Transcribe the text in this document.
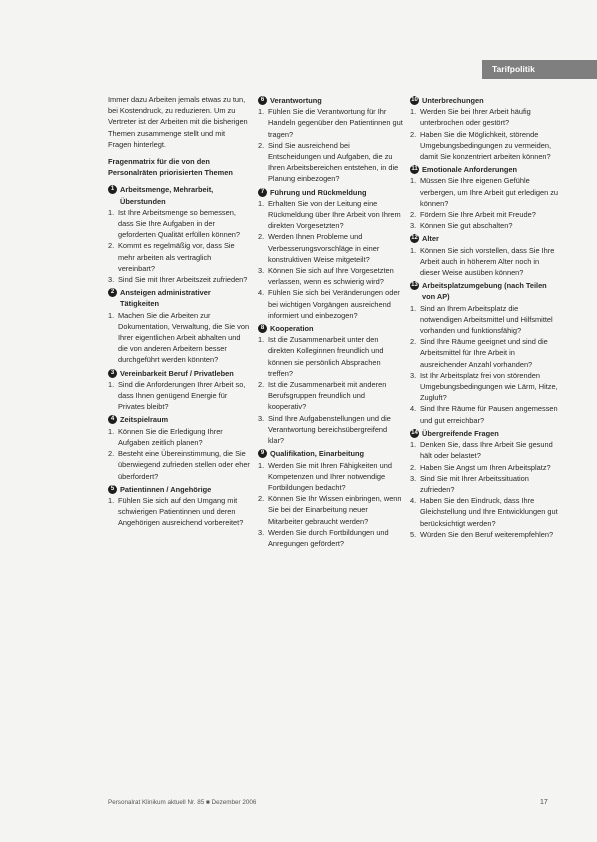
Tarifpolitik

Immer dazu Arbeiten jemals etwas zu tun, bei Kostendruck, zu reduzieren. Um zu Vertreter ist der Arbeiten mit die bisherigen Themen zusammenge stellt und mit Fragen hinterlegt.

Fragenmatrix für die von den Personalräten priorisierten Themen

1 Arbeitsmenge, Mehrarbeit, Überstunden
1. Ist Ihre Arbeitsmenge so bemessen, dass Sie Ihre Aufgaben in der geforderten Qualität erfüllen können?
2. Kommt es regelmäßig vor, dass Sie mehr arbeiten als vertraglich vereinbart?
3. Sind Sie mit Ihrer Arbeitszeit zufrieden?
2 Ansteigen administrativer Tätigkeiten
1. Machen Sie die Arbeiten zur Dokumentation, Verwaltung, die Sie von Ihrer eigentlichen Arbeit abhalten und die von anderen Arbeitern besser durchgeführt werden könnten?
3 Vereinbarkeit Beruf / Privatleben
1. Sind die Anforderungen Ihrer Arbeit so, dass Ihnen genügend Energie für Privates bleibt?
4 Zeitspielraum
1. Können Sie die Erledigung Ihrer Aufgaben zeitlich planen?
2. Besteht eine Übereinstimmung, die Sie überwiegend zufrieden stellen oder eher überfordert?
5 Patientinnen / Angehörige
1. Fühlen Sie sich auf den Umgang mit schwierigen Patientinnen und deren Angehörigen ausreichend vorbereitet?
6 Verantwortung
1. Fühlen Sie die Verantwortung für Ihr Handeln gegenüber den Patientinnen gut tragen?
2. Sind Sie ausreichend bei Entscheidungen und Aufgaben, die zu Ihren Arbeitsbereichen entstehen, in die Planung einbezogen?
7 Führung und Rückmeldung
1. Erhalten Sie von der Leitung eine Rückmeldung über Ihre Arbeit von Ihrem direkten Vorgesetzten?
2. Werden Ihnen Probleme und Verbesserungsvorschläge in einer konstruktiven Weise mitgeteilt?
3. Können Sie sich auf Ihre Vorgesetzten verlassen, wenn es schwierig wird?
4. Fühlen Sie sich bei Veränderungen oder bei wichtigen Vorgängen ausreichend informiert und einbezogen?
8 Kooperation
1. Ist die Zusammenarbeit unter den direkten Kolleginnen freundlich und können sie persönlich Absprachen treffen?
2. Ist die Zusammenarbeit mit anderen Berufsgruppen freundlich und kooperativ?
3. Sind Ihre Aufgabenstellungen und die Verantwortung bereichsübergreifend klar?
9 Qualifikation, Einarbeitung
1. Werden Sie mit Ihren Fähigkeiten und Kompetenzen und Ihrer notwendige Fortbildungen bedacht?
2. Können Sie Ihr Wissen einbringen, wenn Sie bei der Einarbeitung neuer Mitarbeiter gebraucht werden?
3. Werden Sie durch Fortbildungen und Anregungen gefördert?
10 Unterbrechungen
1. Werden Sie bei Ihrer Arbeit häufig unterbrochen oder gestört?
2. Haben Sie die Möglichkeit, störende Umgebungsbedingungen zu vermeiden, damit Sie konzentriert arbeiten können?
11 Emotionale Anforderungen
1. Müssen Sie Ihre eigenen Gefühle verbergen, um Ihre Arbeit gut erledigen zu können?
2. Fördern Sie Ihre Arbeit mit Freude?
3. Können Sie gut abschalten?
12 Alter
1. Können Sie sich vorstellen, dass Sie Ihre Arbeit auch in höherem Alter noch in dieser Weise ausüben können?
13 Arbeitsplatzumgebung (nach Teilen von AP)
1. Sind an Ihrem Arbeitsplatz die notwendigen Arbeitsmittel und Hilfsmittel vorhanden und funktionsfähig?
2. Sind Ihre Räume geeignet und sind die Arbeitsmittel für Ihre Arbeit in ausreichender Anzahl vorhanden?
3. Ist Ihr Arbeitsplatz frei von störenden Umgebungsbedingungen wie Lärm, Hitze, Zugluft?
4. Sind Ihre Räume für Pausen angemessen und gut erreichbar?
14 Übergreifende Fragen
1. Denken Sie, dass Ihre Arbeit Sie gesund hält oder belastet?
2. Haben Sie Angst um Ihren Arbeitsplatz?
3. Sind Sie mit Ihrer Arbeitssituation zufrieden?
4. Haben Sie den Eindruck, dass Ihre Gleichstellung und Ihre Entwicklungen gut berücksichtigt werden?
5. Würden Sie den Beruf weiterempfehlen?
Personalrat Klinikum aktuell Nr. 85 ■ Dezember 2006	17
